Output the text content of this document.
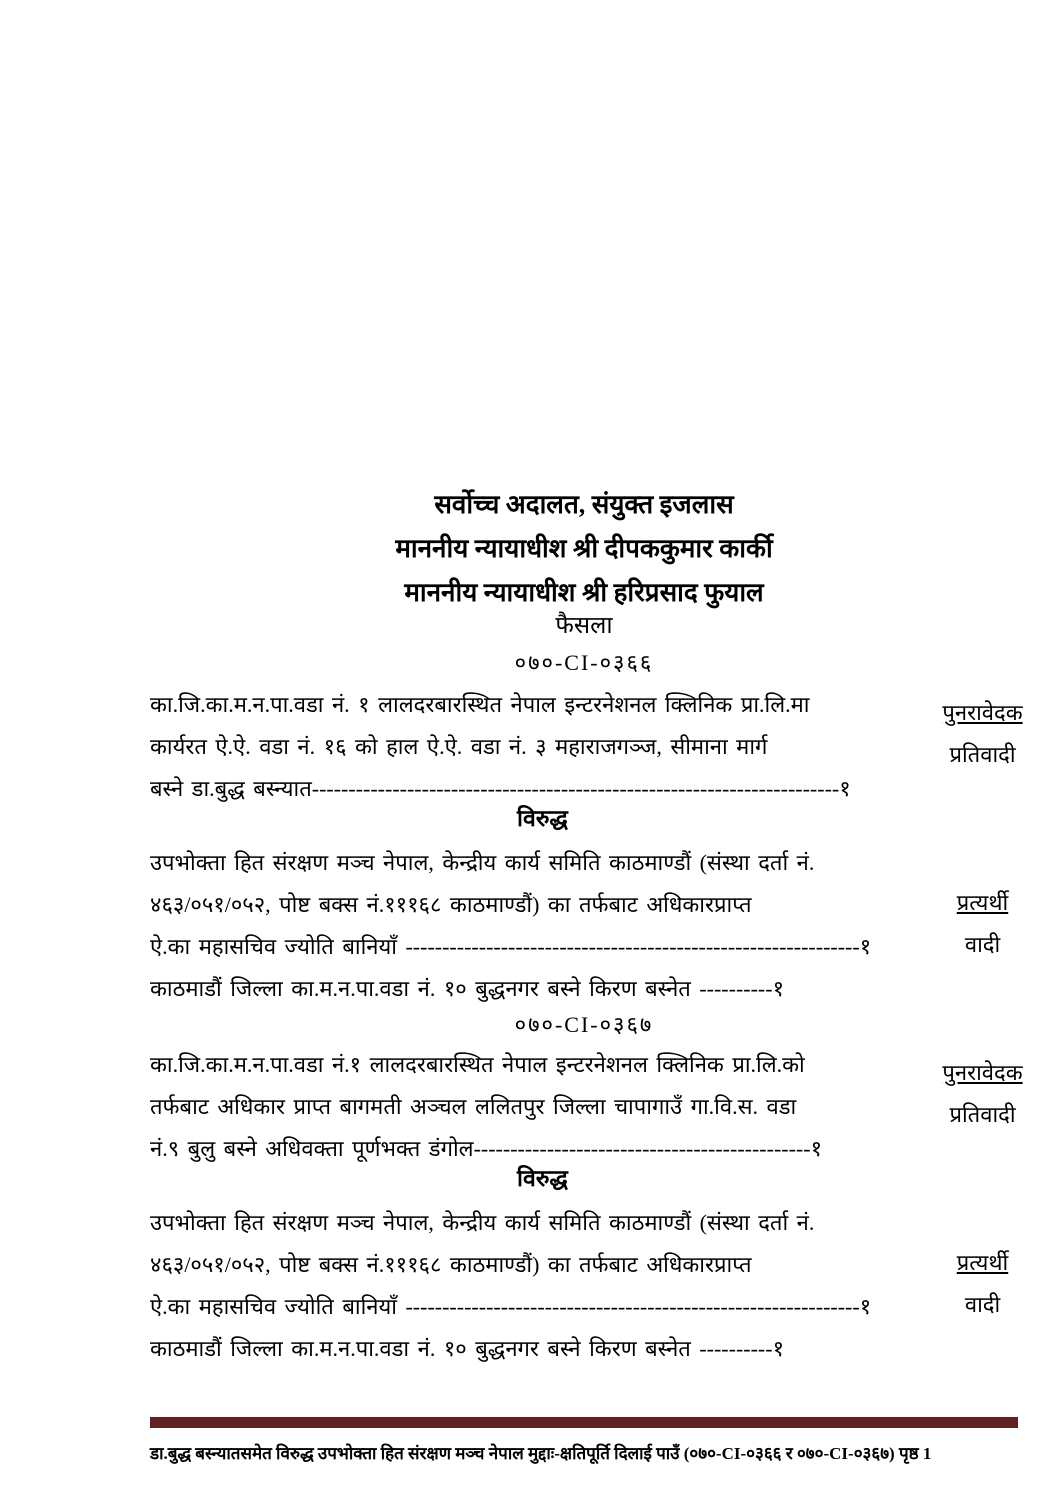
सर्वोच्च अदालत, संयुक्त इजलास
माननीय न्यायाधीश श्री दीपककुमार कार्की
माननीय न्यायाधीश श्री हरिप्रसाद फुयाल
फैसला
०७०-CI-०३६६
का.जि.का.म.न.पा.वडा नं. १ लालदरबारस्थित नेपाल इन्टरनेशनल क्लिनिक प्रा.लि.मा
कार्यरत ऐ.ऐ. वडा नं. १६ को हाल ऐ.ऐ. वडा नं. ३ महाराजगञ्ज, सीमाना मार्ग
बस्ने डा.बुद्ध बस्न्यात------------------------------------------------------------------------१
पुनरावेदक
प्रतिवादी
विरुद्ध
उपभोक्ता हित संरक्षण मञ्च नेपाल, केन्द्रीय कार्य समिति काठमाण्डौं (संस्था दर्ता नं.
४६३/०५१/०५२, पोष्ट बक्स नं.१११६८ काठमाण्डौं) का तर्फबाट अधिकारप्राप्त
ऐ.का महासचिव ज्योति बानियाँ --------------------------------------------------------------१
काठमाडौं जिल्ला का.म.न.पा.वडा नं. १० बुद्धनगर बस्ने किरण बस्नेत ----------१
प्रत्यर्थी
वादी
०७०-CI-०३६७
का.जि.का.म.न.पा.वडा नं.१ लालदरबारस्थित नेपाल इन्टरनेशनल क्लिनिक प्रा.लि.को
तर्फबाट अधिकार प्राप्त बागमती अञ्चल ललितपुर जिल्ला चापागाउँ गा.वि.स. वडा
नं.९ बुलु बस्ने अधिवक्ता पूर्णभक्त डंगोल----------------------------------------------१
पुनरावेदक
प्रतिवादी
विरुद्ध
उपभोक्ता हित संरक्षण मञ्च नेपाल, केन्द्रीय कार्य समिति काठमाण्डौं (संस्था दर्ता नं.
४६३/०५१/०५२, पोष्ट बक्स नं.१११६८ काठमाण्डौं) का तर्फबाट अधिकारप्राप्त
ऐ.का महासचिव ज्योति बानियाँ --------------------------------------------------------------१
काठमाडौं जिल्ला का.म.न.पा.वडा नं. १० बुद्धनगर बस्ने किरण बस्नेत ----------१
प्रत्यर्थी
वादी
डा.बुद्ध बस्न्यातसमेत विरुद्ध उपभोक्ता हित संरक्षण मञ्च नेपाल मुद्दाः-क्षतिपूर्ति दिलाई पाउँ (०७०-CI-०३६६ र ०७०-CI-०३६७) पृष्ठ 1
